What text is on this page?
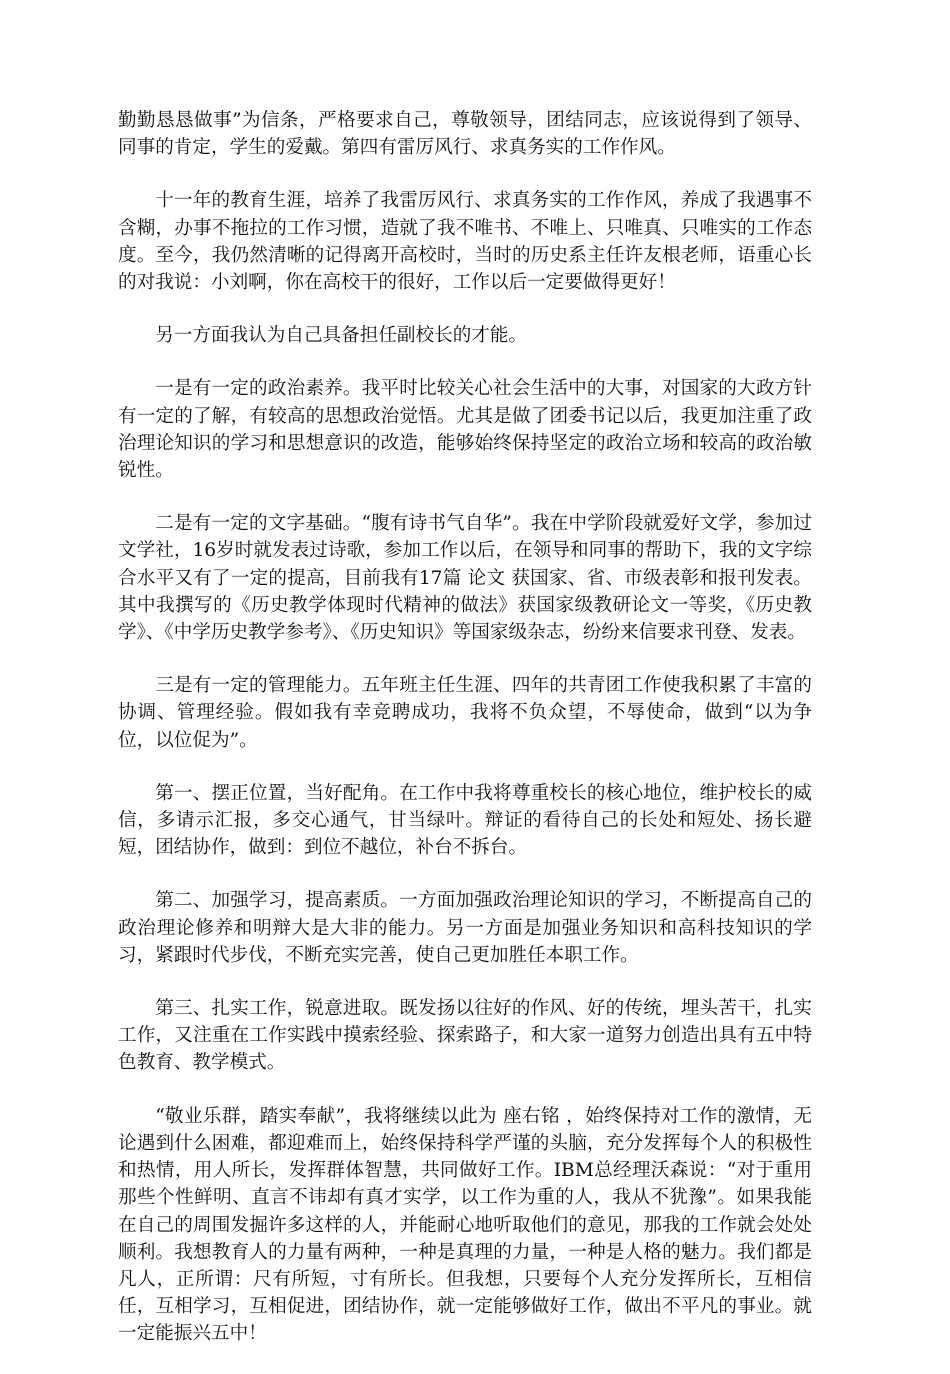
勤勤恳恳做事”为信条，严格要求自己，尊敬领导，团结同志，应该说得到了领导、同事的肯定，学生的爱戴。第四有雷厉风行、求真务实的工作作风。

十一年的教育生涯，培养了我雷厉风行、求真务实的工作作风，养成了我遇事不含糊，办事不拖拉的工作习惯，造就了我不唯书、不唯上、只唯真、只唯实的工作态度。至今，我仍然清晰的记得离开高校时，当时的历史系主任许友根老师，语重心长的对我说：小刘啊，你在高校干的很好，工作以后一定要做得更好！

另一方面我认为自己具备担任副校长的才能。

一是有一定的政治素养。我平时比较关心社会生活中的大事，对国家的大政方针有一定的了解，有较高的思想政治觉悟。尤其是做了团委书记以后，我更加注重了政治理论知识的学习和思想意识的改造，能够始终保持坚定的政治立场和较高的政治敏锐性。

二是有一定的文字基础。“腹有诗书气自华”。我在中学阶段就爱好文学，参加过文学社，16岁时就发表过诗歌，参加工作以后，在领导和同事的帮助下，我的文字综合水平又有了一定的提高，目前我有17篇 论文 获国家、省、市级表彰和报刊发表。其中我撰写的《历史教学体现时代精神的做法》获国家级教研论文一等奖，《历史教学》、《中学历史教学参考》、《历史知识》等国家级杂志，纷纷来信要求刊登、发表。

三是有一定的管理能力。五年班主任生涯、四年的共青团工作使我积累了丰富的协调、管理经验。假如我有幸竞聘成功，我将不负众望，不辱使命，做到“以为争位，以位促为”。

第一、摆正位置，当好配角。在工作中我将尊重校长的核心地位，维护校长的威信，多请示汇报，多交心通气，甘当绿叶。辩证的看待自己的长处和短处、扬长避短，团结协作，做到：到位不越位，补台不拆台。

第二、加强学习，提高素质。一方面加强政治理论知识的学习，不断提高自己的政治理论修养和明辩大是大非的能力。另一方面是加强业务知识和高科技知识的学习，紧跟时代步伐，不断充实完善，使自己更加胜任本职工作。

第三、扎实工作，锐意进取。既发扬以往好的作风、好的传统，埋头苦干，扎实工作，又注重在工作实践中摸索经验、探索路子，和大家一道努力创造出具有五中特色教育、教学模式。

“敬业乐群，踏实奉献”，我将继续以此为 座右铭 ，始终保持对工作的激情，无论遇到什么困难，都迎难而上，始终保持科学严谨的头脑，充分发挥每个人的积极性和热情，用人所长，发挥群体智慧，共同做好工作。IBM总经理沃森说：“对于重用那些个性鲜明、直言不讳却有真才实学，以工作为重的人，我从不犹豫”。如果我能在自己的周围发掘许多这样的人，并能耐心地听取他们的意见，那我的工作就会处处顺利。我想教育人的力量有两种，一种是真理的力量，一种是人格的魅力。我们都是凡人，正所谓：尺有所短，寸有所长。但我想，只要每个人充分发挥所长，互相信任，互相学习，互相促进，团结协作，就一定能够做好工作，做出不平凡的事业。就一定能振兴五中！
